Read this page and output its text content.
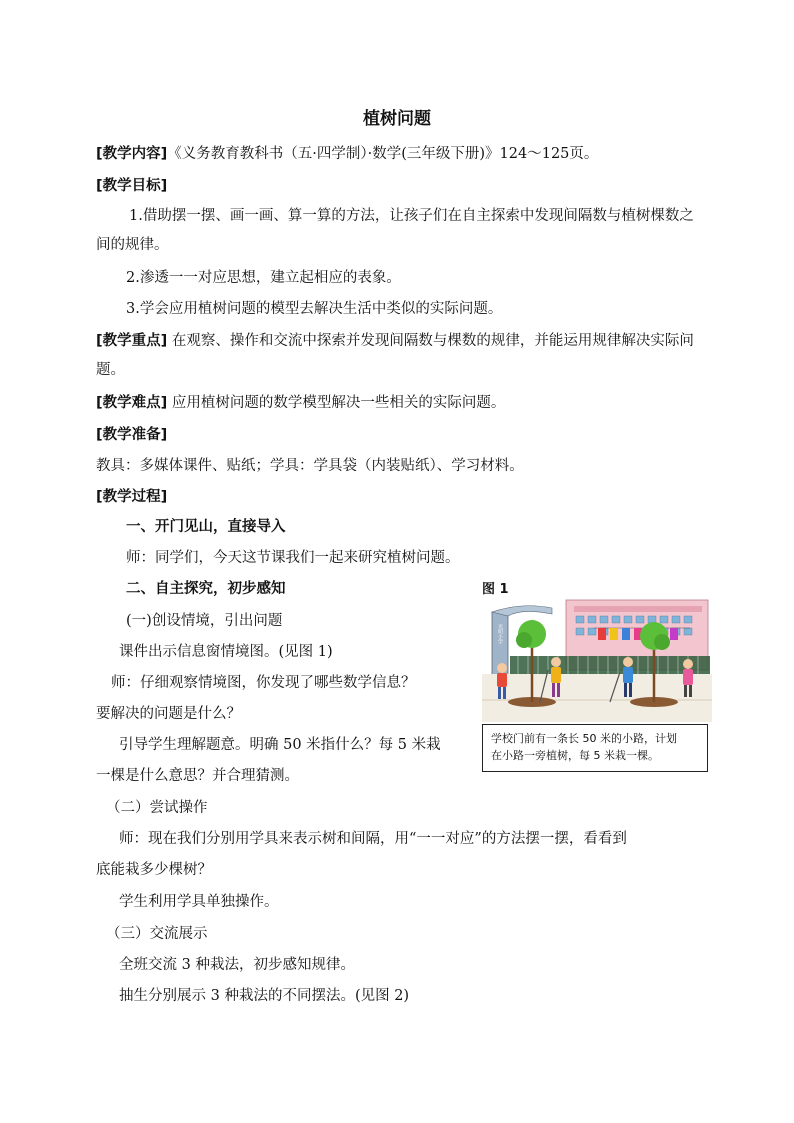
植树问题
[教学内容]《义务教育教科书（五·四学制）·数学(三年级下册)》124～125页。
[教学目标]
1.借助摆一摆、画一画、算一算的方法，让孩子们在自主探索中发现间隔数与植树棵数之间的规律。
2.渗透一一对应思想，建立起相应的表象。
3.学会应用植树问题的模型去解决生活中类似的实际问题。
[教学重点] 在观察、操作和交流中探索并发现间隔数与棵数的规律，并能运用规律解决实际问题。
[教学难点] 应用植树问题的数学模型解决一些相关的实际问题。
[教学准备]
教具：多媒体课件、贴纸；学具：学具袋（内装贴纸）、学习材料。
[教学过程]
一、开门见山，直接导入
师：同学们，今天这节课我们一起来研究植树问题。
二、自主探究，初步感知
(一)创设情境，引出问题
课件出示信息窗情境图。(见图 1)
师：仔细观察情境图，你发现了哪些数学信息？
要解决的问题是什么？
引导学生理解题意。明确 50 米指什么？每 5 米栽
一棵是什么意思？并合理猜测。
（二）尝试操作
师：现在我们分别用学具来表示树和间隔，用“一一对应”的方法摆一摆，看看到
底能栽多少棵树？
学生利用学具单独操作。
（三）交流展示
全班交流 3 种栽法，初步感知规律。
抽生分别展示 3 种栽法的不同摆法。(见图 2)
图 1
光明小学
学校门前有一条长 50 米的小路，计划
在小路一旁植树，每 5 米栽一棵。
